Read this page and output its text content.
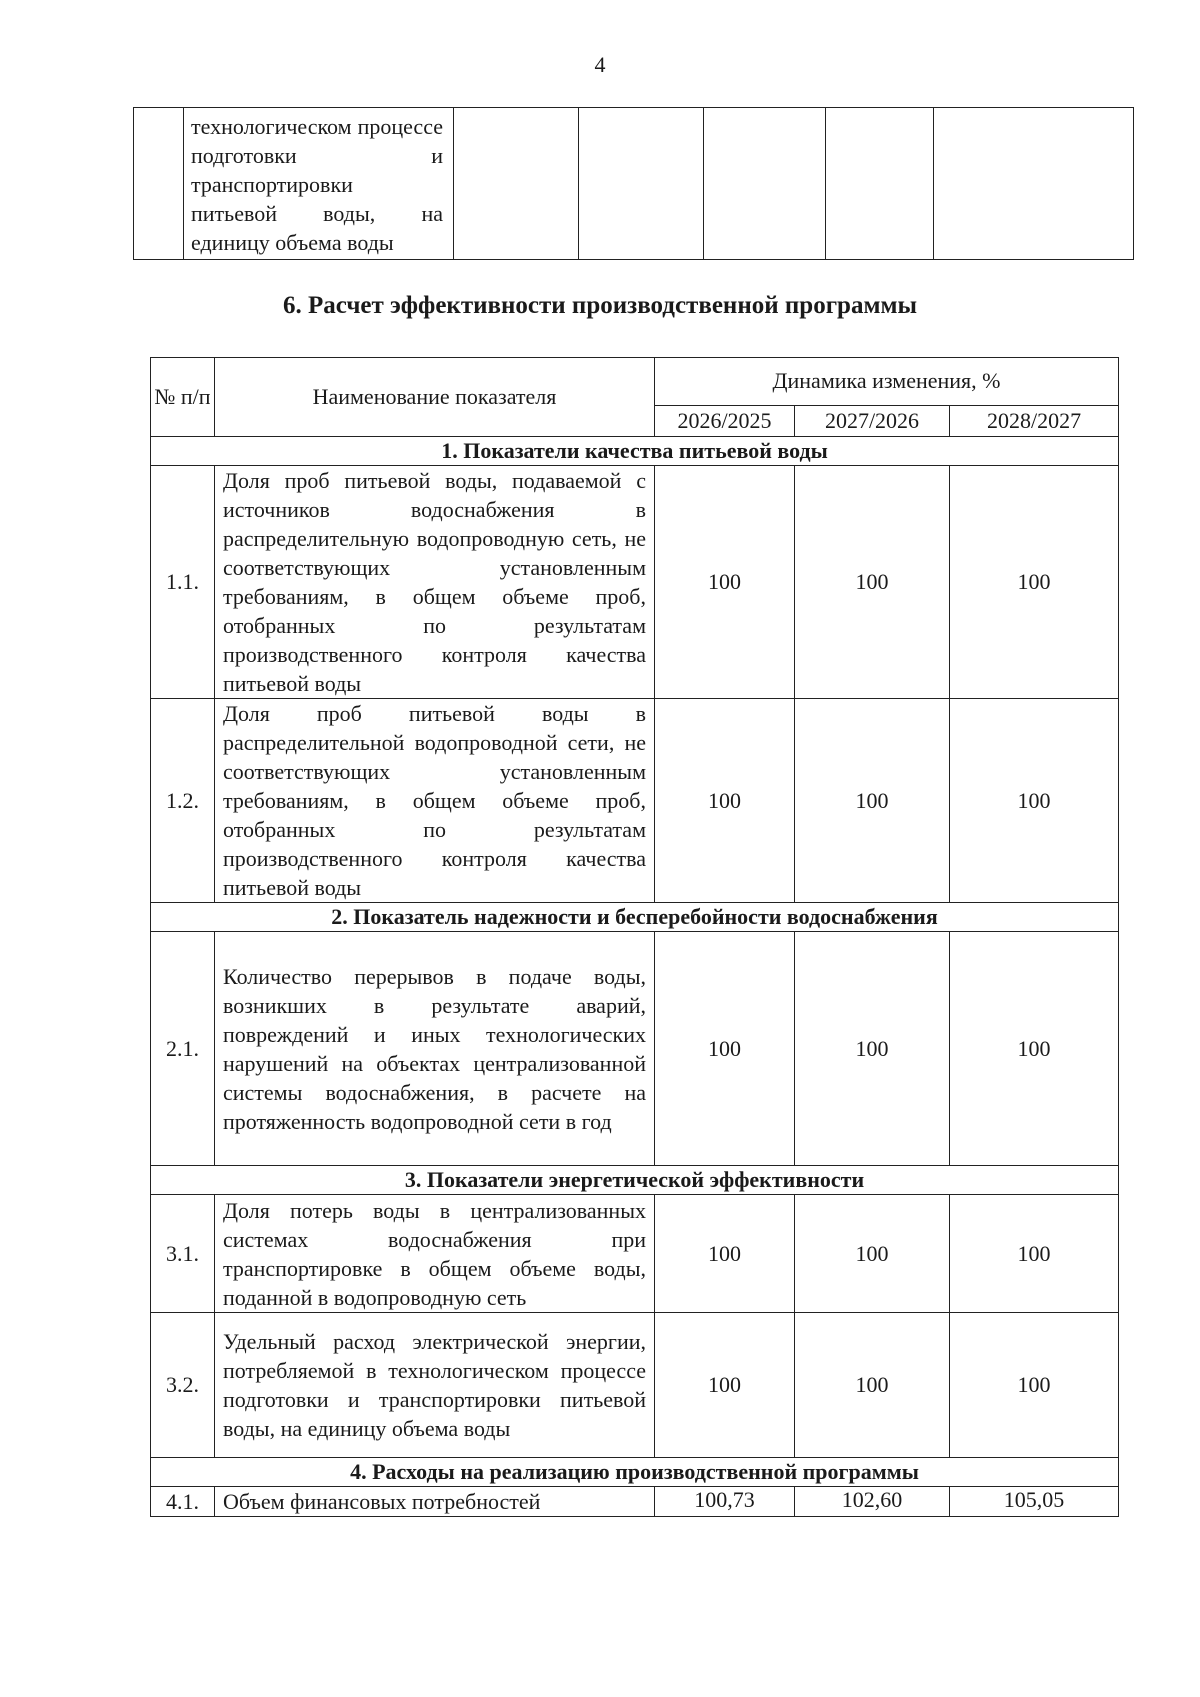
4

технологическом процессе подготовки и транспортировки питьевой воды, на единицу объема воды

6. Расчет эффективности производственной программы
№ п/п	Наименование показателя	Динамика изменения, %		
		2026/2025	2027/2026	2028/2027
1. Показатели качества питьевой воды				
1.1.	Доля проб питьевой воды, подаваемой с источников водоснабжения в распределительную водопроводную сеть, не соответствующих установленным требованиям, в общем объеме проб, отобранных по результатам производственного контроля качества питьевой воды	100	100	100
1.2.	Доля проб питьевой воды в распределительной водопроводной сети, не соответствующих установленным требованиям, в общем объеме проб, отобранных по результатам производственного контроля качества питьевой воды	100	100	100
2. Показатель надежности и бесперебойности водоснабжения				
2.1.	Количество перерывов в подаче воды, возникших в результате аварий, повреждений и иных технологических нарушений на объектах централизованной системы водоснабжения, в расчете на протяженность водопроводной сети в год	100	100	100
3. Показатели энергетической эффективности				
3.1.	Доля потерь воды в централизованных системах водоснабжения при транспортировке в общем объеме воды, поданной в водопроводную сеть	100	100	100
3.2.	Удельный расход электрической энергии, потребляемой в технологическом процессе подготовки и транспортировки питьевой воды, на единицу объема воды	100	100	100
4. Расходы на реализацию производственной программы				
4.1.	Объем финансовых потребностей	100,73	102,60	105,05
